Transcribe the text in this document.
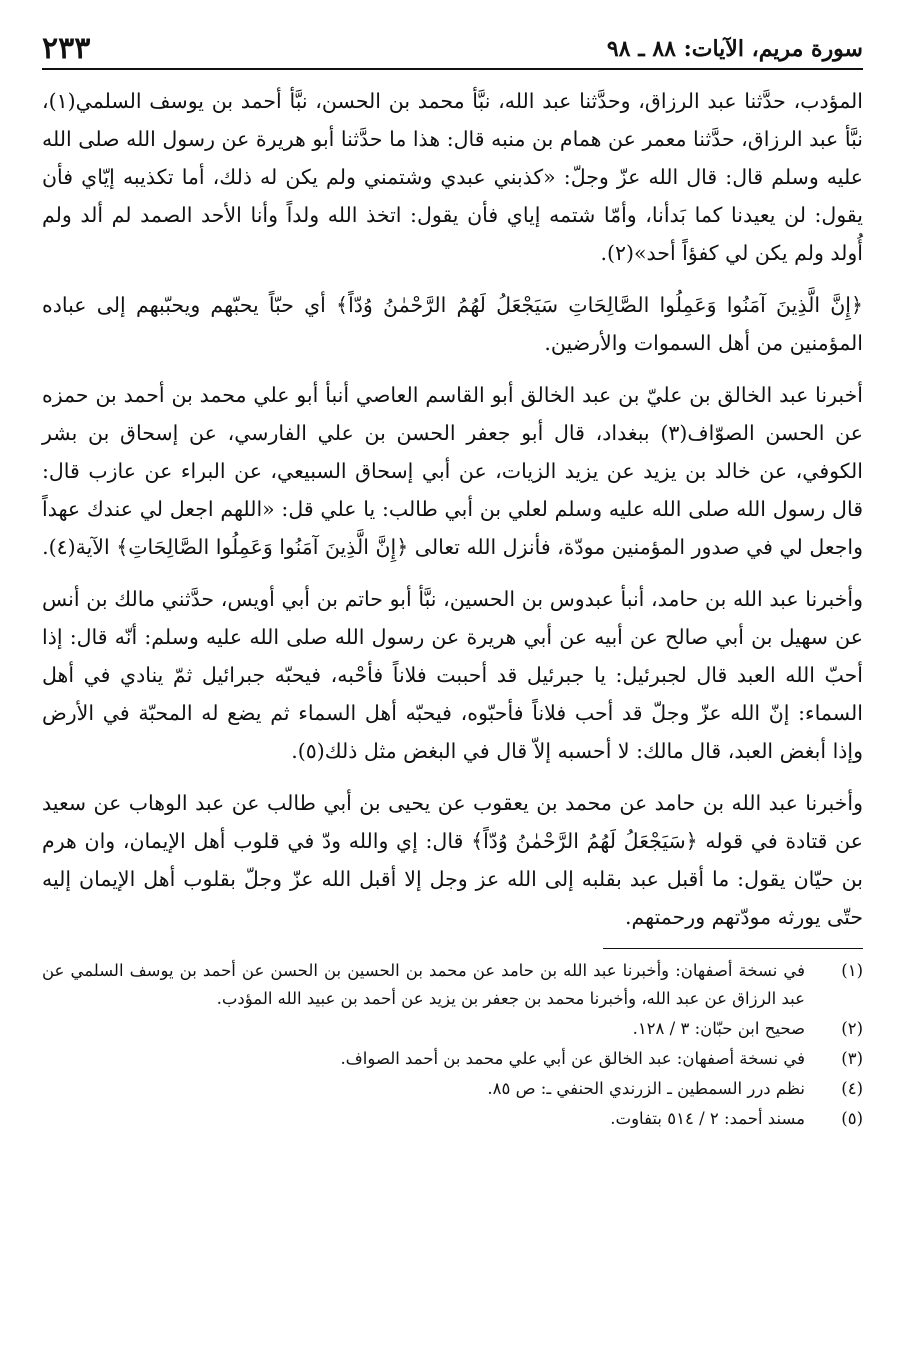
سورة مريم، الآيات: ٨٨ ـ ٩٨
٢٣٣

المؤدب، حدَّثنا عبد الرزاق، وحدَّثنا عبد الله، نبَّأ محمد بن الحسن، نبَّأ أحمد بن يوسف السلمي(١)، نبَّأ عبد الرزاق، حدَّثنا معمر عن همام بن منبه قال: هذا ما حدَّثنا أبو هريرة عن رسول الله صلى الله عليه وسلم قال: قال الله عزّ وجلّ: «كذبني عبدي وشتمني ولم يكن له ذلك، أما تكذيبه إيّاي فأن يقول: لن يعيدنا كما بَدأنا، وأمّا شتمه إياي فأن يقول: اتخذ الله ولداً وأنا الأحد الصمد لم ألد ولم أُولد ولم يكن لي كفؤاً أحد»(٢).

﴿إِنَّ الَّذِينَ آمَنُوا وَعَمِلُوا الصَّالِحَاتِ سَيَجْعَلُ لَهُمُ الرَّحْمٰنُ وُدّاً﴾ أي حبّاً يحبّهم ويحبّبهم إلى عباده المؤمنين من أهل السموات والأرضين.

أخبرنا عبد الخالق بن عليّ بن عبد الخالق أبو القاسم العاصي أنبأ أبو علي محمد بن أحمد بن حمزه عن الحسن الصوّاف(٣) ببغداد، قال أبو جعفر الحسن بن علي الفارسي، عن إسحاق بن بشر الكوفي، عن خالد بن يزيد عن يزيد الزيات، عن أبي إسحاق السبيعي، عن البراء عن عازب قال: قال رسول الله صلى الله عليه وسلم لعلي بن أبي طالب: يا علي قل: «اللهم اجعل لي عندك عهداً واجعل لي في صدور المؤمنين مودّة، فأنزل الله تعالى ﴿إِنَّ الَّذِينَ آمَنُوا وَعَمِلُوا الصَّالِحَاتِ﴾ الآية(٤).

وأخبرنا عبد الله بن حامد، أنبأ عبدوس بن الحسين، نبَّأ أبو حاتم بن أبي أويس، حدَّثني مالك بن أنس عن سهيل بن أبي صالح عن أبيه عن أبي هريرة عن رسول الله صلى الله عليه وسلم: أنّه قال: إذا أحبّ الله العبد قال لجبرئيل: يا جبرئيل قد أحببت فلاناً فأحْبه، فيحبّه جبرائيل ثمّ ينادي في أهل السماء: إنّ الله عزّ وجلّ قد أحب فلاناً فأحبّوه، فيحبّه أهل السماء ثم يضع له المحبّة في الأرض وإذا أبغض العبد، قال مالك: لا أحسبه إلاّ قال في البغض مثل ذلك(٥).

وأخبرنا عبد الله بن حامد عن محمد بن يعقوب عن يحيى بن أبي طالب عن عبد الوهاب عن سعيد عن قتادة في قوله ﴿سَيَجْعَلُ لَهُمُ الرَّحْمٰنُ وُدّاً﴾ قال: إي والله ودّ في قلوب أهل الإيمان، وان هرم بن حيّان يقول: ما أقبل عبد بقلبه إلى الله عز وجل إلا أقبل الله عزّ وجلّ بقلوب أهل الإيمان إليه حتّى يورثه مودّتهم ورحمتهم.

(١)
في نسخة أصفهان: وأخبرنا عبد الله بن حامد عن محمد بن الحسين بن الحسن عن أحمد بن يوسف السلمي عن عبد الرزاق عن عبد الله، وأخبرنا محمد بن جعفر بن يزيد عن أحمد بن عبيد الله المؤدب.
(٢)
صحيح ابن حبّان: ٣ / ١٢٨.
(٣)
في نسخة أصفهان: عبد الخالق عن أبي علي محمد بن أحمد الصواف.
(٤)
نظم درر السمطين ـ الزرندي الحنفي ـ: ص ٨٥.
(٥)
مسند أحمد: ٢ / ٥١٤ بتفاوت.
